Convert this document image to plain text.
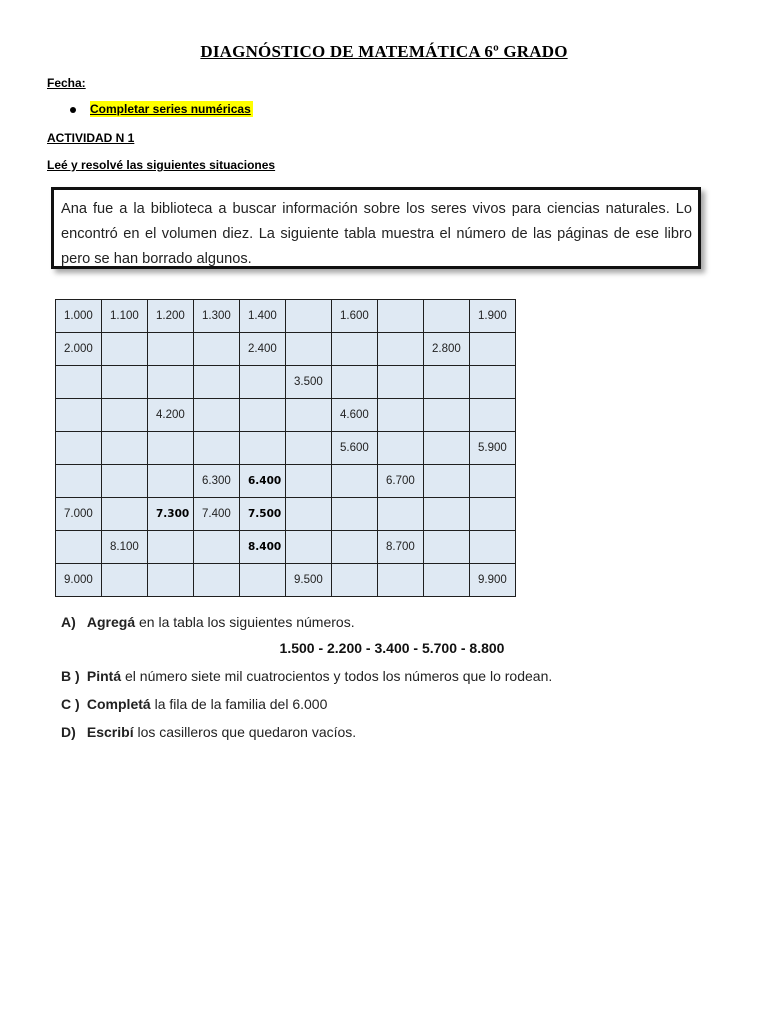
DIAGNÓSTICO DE MATEMÁTICA 6º GRADO
Fecha:
Completar series numéricas
ACTIVIDAD N 1
Leé y resolvé las siguientes situaciones
Ana fue a la biblioteca a buscar información sobre los seres vivos para ciencias naturales. Lo encontró en el volumen diez. La siguiente tabla muestra el número de las páginas de ese libro pero se han borrado algunos.
1.000	1.100	1.200	1.300	1.400		1.600			1.900
2.000				2.400				2.800	
					3.500				
		4.200				4.600			
						5.600			5.900
			6.300	6.400			6.700		
7.000		7.300	7.400	7.500					
	8.100			8.400			8.700		
9.000					9.500				9.900
A) Agregá en la tabla los siguientes números.
1.500 - 2.200 - 3.400 - 5.700 - 8.800
B ) Pintá el número siete mil cuatrocientos y todos los números que lo rodean.
C ) Completá la fila de la familia del 6.000
D) Escribí los casilleros que quedaron vacíos.
